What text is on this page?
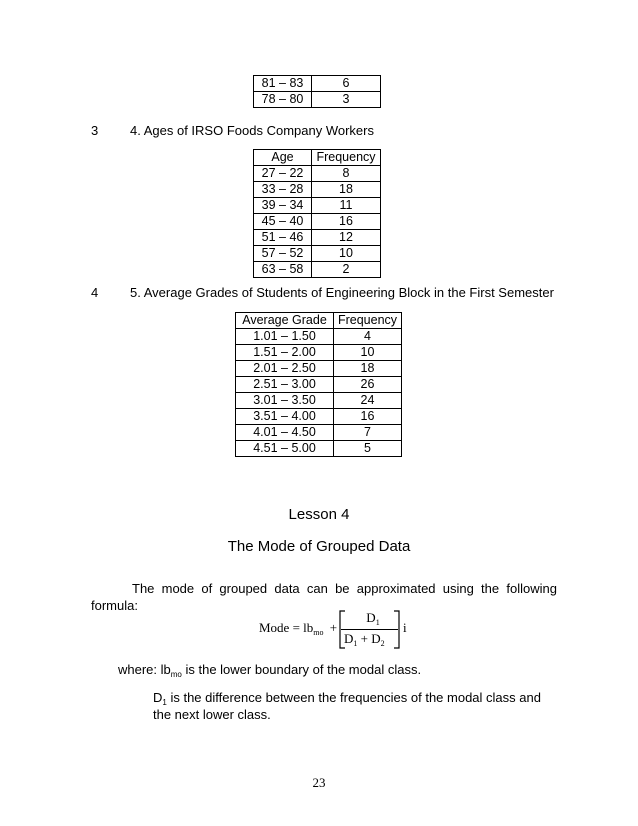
81 – 83	6
78 – 80	3
3 4. Ages of IRSO Foods Company Workers
Age	Frequency
27 – 22	8
33 – 28	18
39 – 34	11
45 – 40	16
51 – 46	12
57 – 52	10
63 – 58	2
4 5. Average Grades of Students of Engineering Block in the First Semester
Average Grade	Frequency
1.01 – 1.50	4
1.51 – 2.00	10
2.01 – 2.50	18
2.51 – 3.00	26
3.01 – 3.50	24
3.51 – 4.00	16
4.01 – 4.50	7
4.51 – 5.00	5
Lesson 4
The Mode of Grouped Data
The  mode  of  grouped  data  can  be  approximated  using  the  following
formula:
Mode = $lb_{mo}$ +
$D_1$
$D_1 + D_2$
i
where: $lb_{mo}$ is the lower boundary of the modal class.
$D_1$ is the difference between the frequencies of the modal class and
the next lower class.
23
